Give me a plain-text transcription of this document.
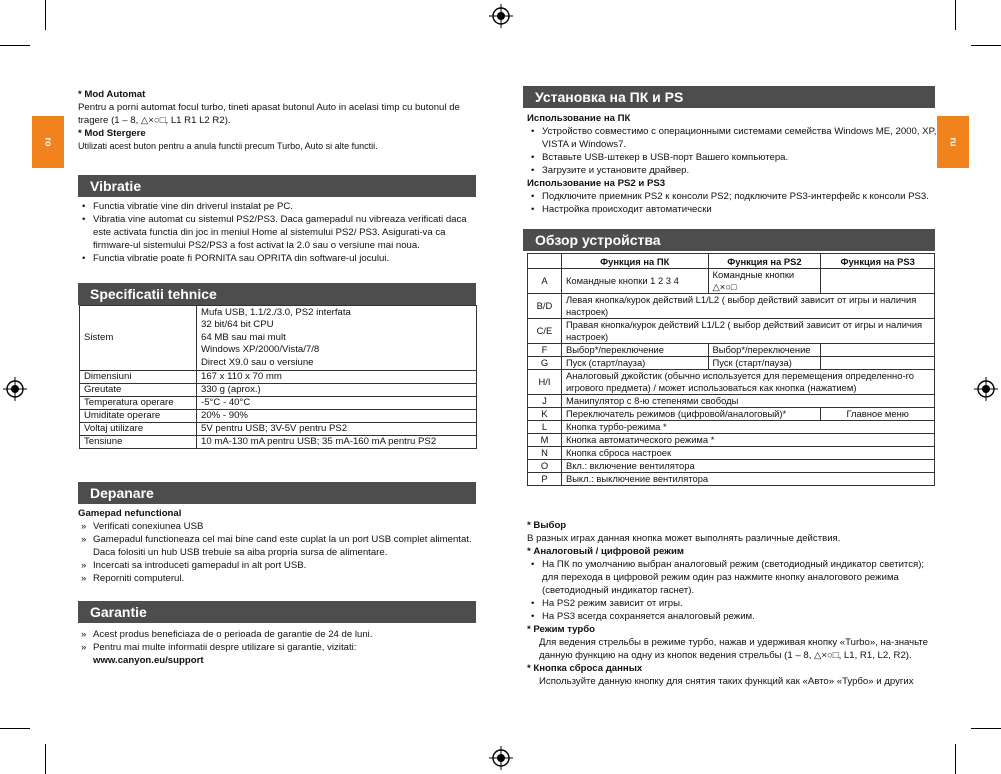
ro	ru

* Mod Automat

Pentru a porni automat focul turbo, tineti apasat butonul Auto in acelasi timp cu butonul de tragere (1 – 8, △×○□, L1 R1 L2 R2).

* Mod Stergere

Utilizati acest buton pentru a anula functii precum Turbo, Auto si alte functii.

Vibratie
• Functia vibratie vine din driverul instalat pe PC.
• Vibratia vine automat cu sistemul PS2/PS3. Daca gamepadul nu vibreaza verificati daca este activata functia din joc in meniul Home al sistemului PS2/ PS3. Asigurati-va ca firmware-ul sistemului PS2/PS3 a fost activat la 2.0 sau o versiune mai noua.
• Functia vibratie poate fi PORNITA sau OPRITA din software-ul jocului.
Specificatii tehnice
Sistem	Mufa USB, 1.1/2./3.0, PS2 interfata
32 bit/64 bit CPU
64 MB sau mai mult
Windows XP/2000/Vista/7/8
Direct X9.0 sau o versiune

Dimensiuni	167 x 110 x 70 mm
Greutate	330 g (aprox.)
Temperatura operare	-5°C - 40°C
Umiditate operare	20% - 90%
Voltaj utilizare	5V pentru USB; 3V-5V pentru PS2
Tensiune	10 mA-130 mA pentru USB; 35 mA-160 mA pentru PS2
Depanare

Gamepad nefunctional

» Verificati conexiunea USB
» Gamepadul functioneaza cel mai bine cand este cuplat la un port USB complet alimentat. Daca folositi un hub USB trebuie sa aiba propria sursa de alimentare.
» Incercati sa introduceti gamepadul in alt port USB.
» Reporniti computerul.
Garantie
» Acest produs beneficiaza de o perioada de garantie de 24 de luni.
» Pentru mai multe informatii despre utilizare si garantie, vizitati:

www.canyon.eu/support

Установка на ПК и PS

Использование на ПК

• Устройство совместимо с операционными системами семейства Windows ME, 2000, XP, VISTA и Windows7.
• Вставьте USB-штекер в USB-порт Вашего компьютера.
• Загрузите и установите драйвер.

Использование на PS2 и PS3

• Подключите приемник PS2 к консоли PS2; подключите PS3-интерфейс к консоли PS3.
• Настройка происходит автоматически
Обзор устройства
	Функция на ПК	Функция на PS2	Функция на PS3
A	Командные кнопки 1 2 3 4	Командные кнопки △×○□	
B/D	Левая кнопка/курок действий L1/L2 ( выбор действий зависит от игры и наличия настроек)		
C/E	Правая кнопка/курок действий L1/L2 ( выбор действий зависит от игры и наличия настроек)		
F	Выбор*/переключение	Выбор*/переключение	
G	Пуск (старт/пауза)	Пуск (старт/пауза)	
H/I	Аналоговый джойстик (обычно используется для перемещения определенно-го игрового предмета) / может использоваться как кнопка (нажатием)		
J	Манипулятор с 8-ю степенями свободы		
K	Переключатель режимов (цифровой/аналоговый)*		Главное меню
L	Кнопка турбо-режима *		
M	Кнопка автоматического режима *		
N	Кнопка сброса настроек		
O	Вкл.: включение вентилятора		
P	Выкл.: выключение вентилятора		

* Выбор

В разных играх данная кнопка может выполнять различные действия.

* Аналоговый / цифровой режим

• На ПК по умолчанию выбран аналоговый режим (светодиодный индикатор светится); для перехода в цифровой режим один раз нажмите кнопку аналогового режима (светодиодный индикатор гаснет).
• На PS2 режим зависит от игры.
• На PS3 всегда сохраняется аналоговый режим.

* Режим турбо

Для ведения стрельбы в режиме турбо, нажав и удерживая кнопку «Turbo», на-значьте данную функцию на одну из кнопок ведения стрельбы (1 – 8, △×○□, L1, R1, L2, R2).

* Кнопка сброса данных

Используйте данную кнопку для снятия таких функций как «Авто» «Турбо» и других
